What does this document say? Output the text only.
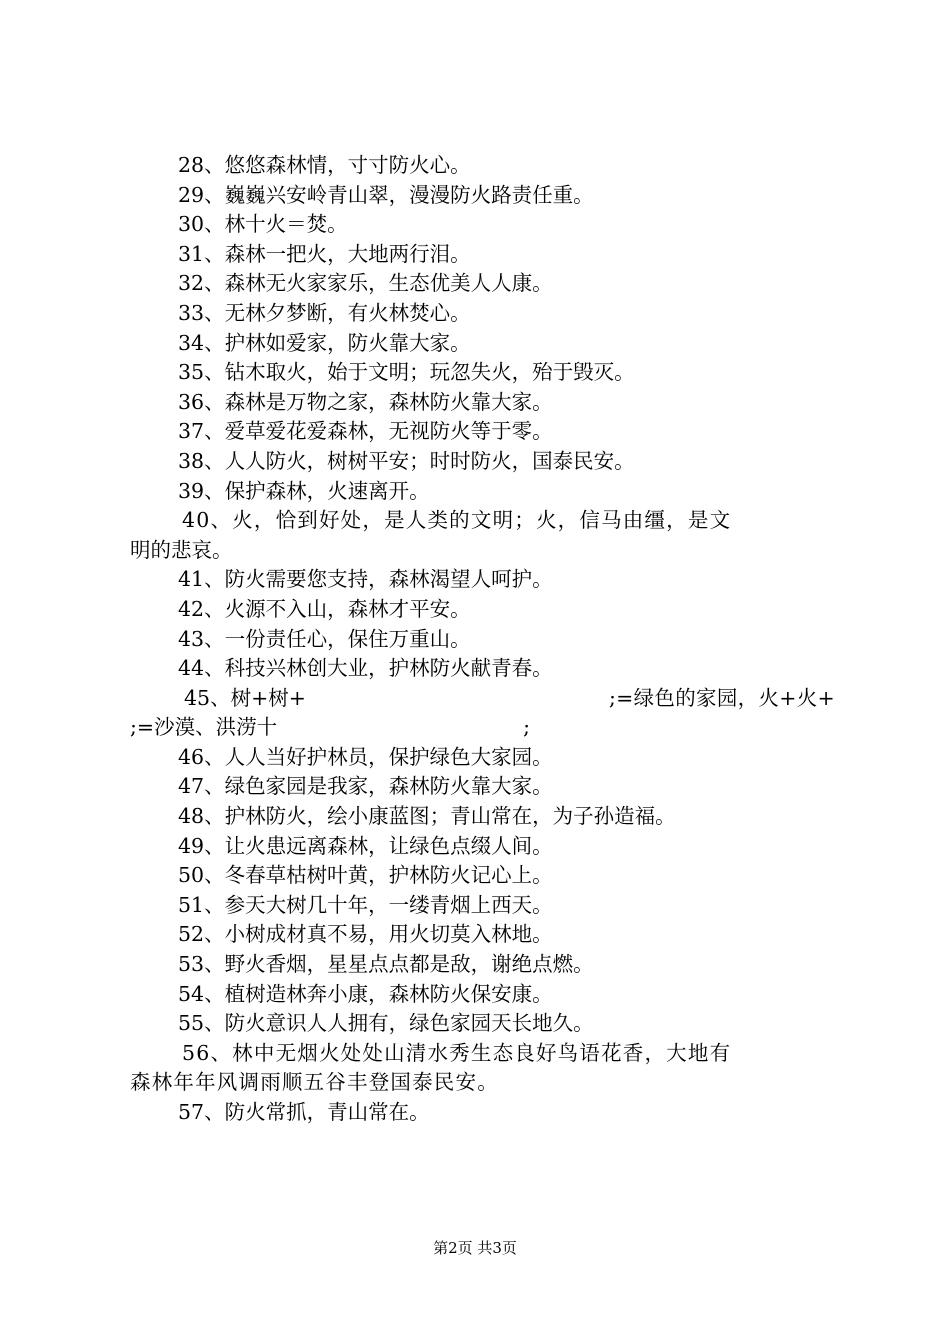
28、悠悠森林情，寸寸防火心。
29、巍巍兴安岭青山翠，漫漫防火路责任重。
30、林十火＝焚。
31、森林一把火，大地两行泪。
32、森林无火家家乐，生态优美人人康。
33、无林夕梦断，有火林焚心。
34、护林如爱家，防火靠大家。
35、钻木取火，始于文明；玩忽失火，殆于毁灭。
36、森林是万物之家，森林防火靠大家。
37、爱草爱花爱森林，无视防火等于零。
38、人人防火，树树平安；时时防火，国泰民安。
39、保护森林，火速离开。
40、火，恰到好处，是人类的文明；火，信马由缰，是文
明的悲哀。
41、防火需要您支持，森林渴望人呵护。
42、火源不入山，森林才平安。
43、一份责任心，保住万重山。
44、科技兴林创大业，护林防火献青春。
45、树+树+	;=绿色的家园，火+火+
;=沙漠、洪涝十	;
46、人人当好护林员，保护绿色大家园。
47、绿色家园是我家，森林防火靠大家。
48、护林防火，绘小康蓝图；青山常在，为子孙造福。
49、让火患远离森林，让绿色点缀人间。
50、冬春草枯树叶黄，护林防火记心上。
51、参天大树几十年，一缕青烟上西天。
52、小树成材真不易，用火切莫入林地。
53、野火香烟，星星点点都是敌，谢绝点燃。
54、植树造林奔小康，森林防火保安康。
55、防火意识人人拥有，绿色家园天长地久。
56、林中无烟火处处山清水秀生态良好鸟语花香，大地有
森林年年风调雨顺五谷丰登国泰民安。
57、防火常抓，青山常在。
第2页 共3页
